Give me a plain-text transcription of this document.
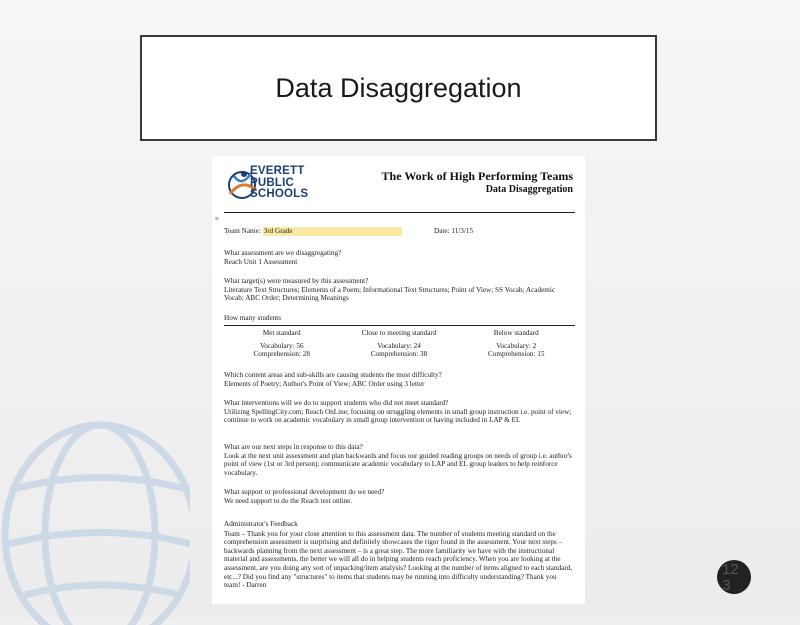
Data Disaggregation
EVERETT
PUBLIC
SCHOOLS
The Work of High Performing Teams
Data Disaggregation
≡
Team Name: 3rd Grade	Date: 11/3/15
What assessment are we disaggregating?
Reach Unit 1 Assessment
What target(s) were measured by this assessment?
Literature Text Structures; Elements of a Poem; Informational Text Structures; Point of View; SS Vocab; Academic Vocab; ABC Order; Determining Meanings
How many students
Met standard	Close to meeting standard	Below standard
Vocabulary: 56	Vocabulary: 24	Vocabulary: 2
Comprehension: 28	Comprehension: 38	Comprehension: 15
Which content areas and sub-skills are causing students the most difficulty?
Elements of Poetry; Author's Point of View; ABC Order using 3 letter
What interventions will we do to support students who did not meet standard?
Utilizing SpellingCity.com; Reach OnLine; focusing on struggling elements in small group instruction i.e. point of view; continue to work on academic vocabulary in small group intervention or having included in LAP & EL
What are our next steps in response to this data?
Look at the next unit assessment and plan backwards and focus our guided reading groups on needs of group i.e. author's point of view (1st or 3rd person); communicate academic vocabulary to LAP and EL group leaders to help reinforce vocabulary.
What support or professional development do we need?
We need support to do the Reach test online.
Administrator's Feedback
Team – Thank you for your close attention to this assessment data. The number of students meeting standard on the comprehension assessment is surprising and definitely showcases the rigor found in the assessment. Your next steps – backwards planning from the next assessment – is a great step. The more familiarity we have with the instructional material and assessments, the better we will all do in helping students reach proficiency. When you are looking at the assessment, are you doing any sort of unpacking/item analysis? Looking at the number of items aligned to each standard, etc...? Did you find any "structures" to items that students may be running into difficulty understanding? Thank you team! - Darren
12 3
